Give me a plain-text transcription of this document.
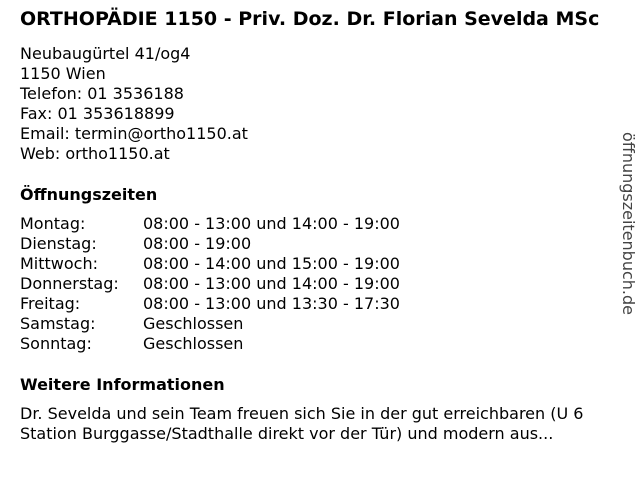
ORTHOPÄDIE 1150 - Priv. Doz. Dr. Florian Sevelda MSc
Neubaugürtel 41/og4
1150 Wien
Telefon: 01 3536188
Fax: 01 353618899
Email: termin@ortho1150.at
Web: ortho1150.at
Öffnungszeiten
Montag:	08:00 - 13:00 und 14:00 - 19:00
Dienstag:	08:00 - 19:00
Mittwoch:	08:00 - 14:00 und 15:00 - 19:00
Donnerstag:	08:00 - 13:00 und 14:00 - 19:00
Freitag:	08:00 - 13:00 und 13:30 - 17:30
Samstag:	Geschlossen
Sonntag:	Geschlossen
Weitere Informationen
Dr. Sevelda und sein Team freuen sich Sie in der gut erreichbaren (U 6 Station Burggasse/Stadthalle direkt vor der Tür) und modern aus...
öffnungszeitenbuch.de
